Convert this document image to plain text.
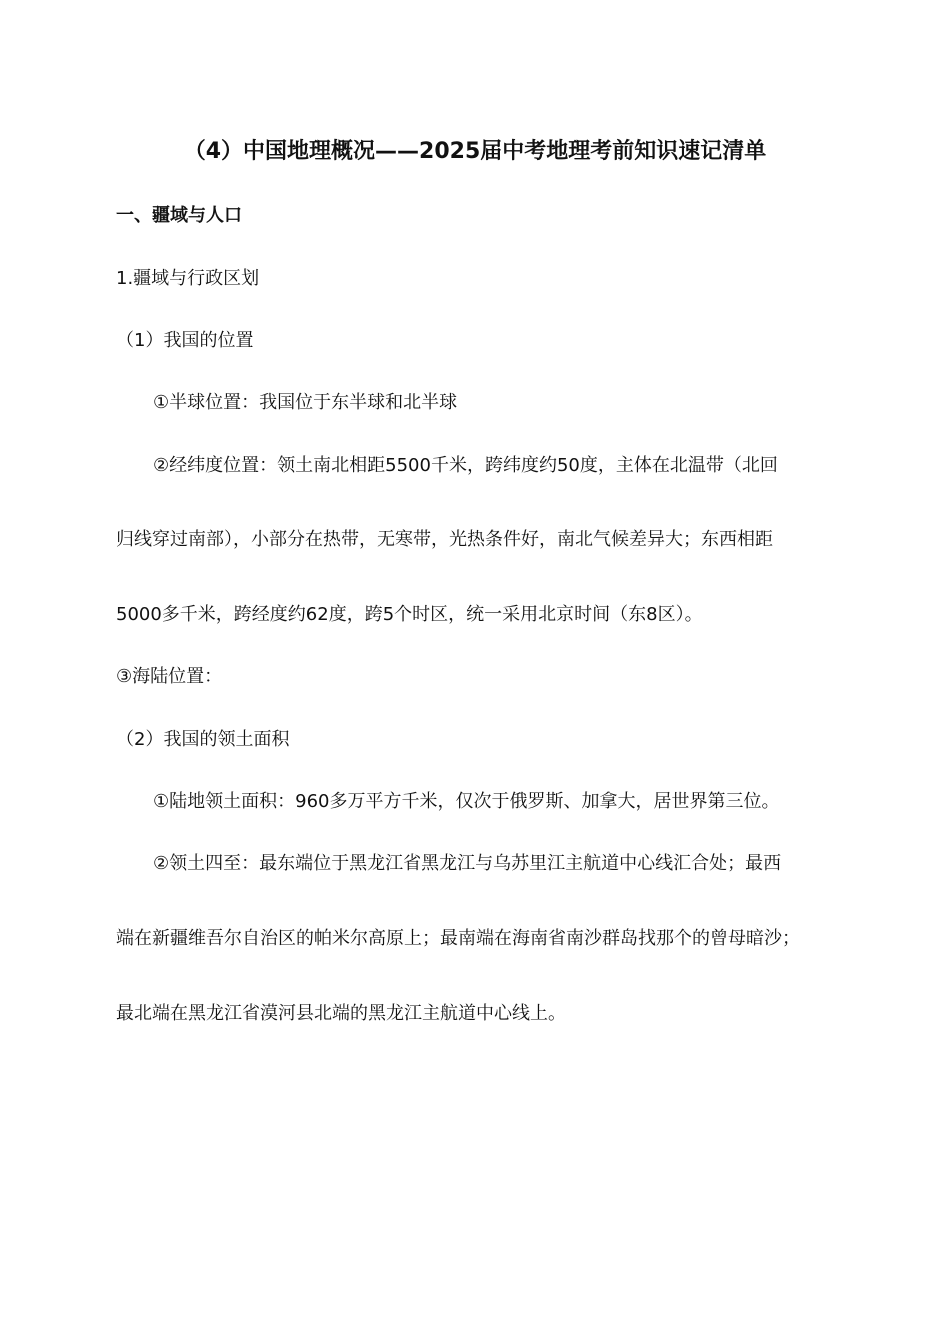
（4）中国地理概况——2025届中考地理考前知识速记清单
一、疆域与人口
1.疆域与行政区划
（1）我国的位置
①半球位置：我国位于东半球和北半球
②经纬度位置：领土南北相距5500千米，跨纬度约50度，主体在北温带（北回
归线穿过南部），小部分在热带，无寒带，光热条件好，南北气候差异大；东西相距
5000多千米，跨经度约62度，跨5个时区，统一采用北京时间（东8区）。
③海陆位置：
（2）我国的领土面积
①陆地领土面积：960多万平方千米，仅次于俄罗斯、加拿大，居世界第三位。
②领土四至：最东端位于黑龙江省黑龙江与乌苏里江主航道中心线汇合处；最西
端在新疆维吾尔自治区的帕米尔高原上；最南端在海南省南沙群岛找那个的曾母暗沙；
最北端在黑龙江省漠河县北端的黑龙江主航道中心线上。
